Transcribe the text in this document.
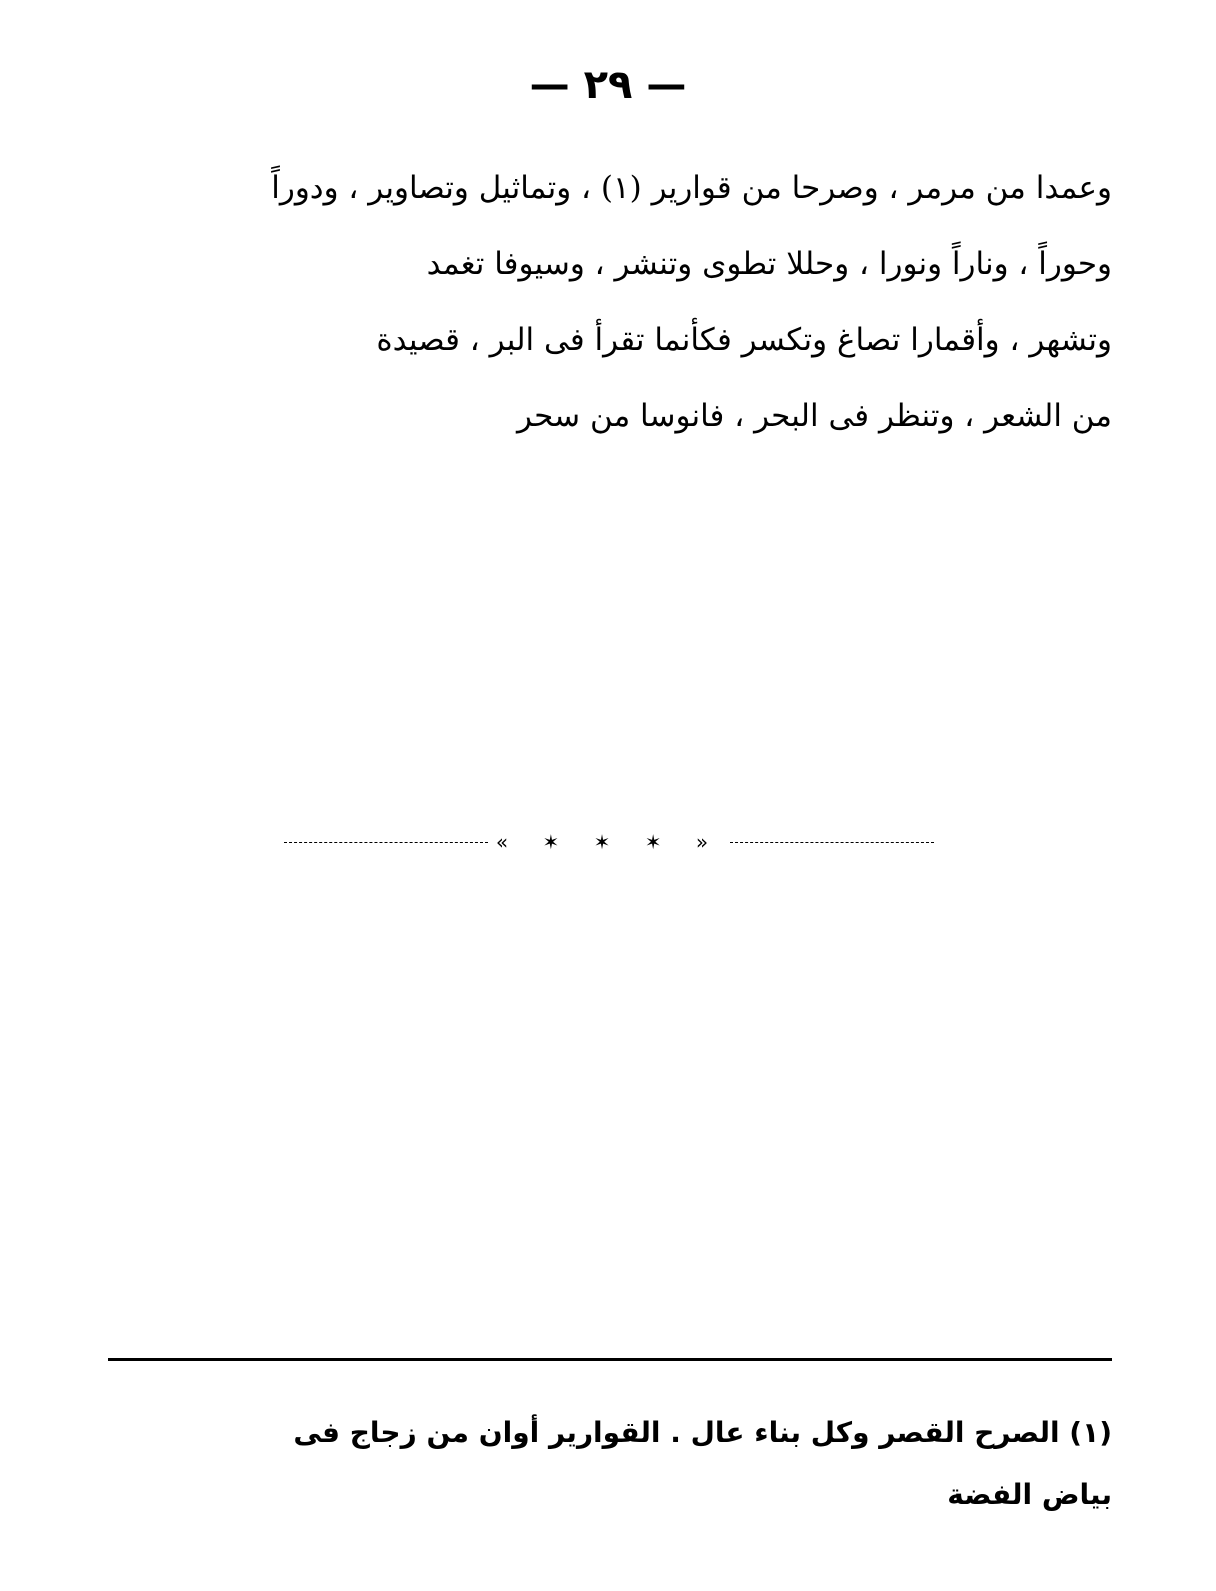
— ٢٩ —
وعمدا من مرمر ، وصرحا من قوارير (١) ، وتماثيل وتصاوير ، ودوراً
وحوراً ، وناراً ونورا ، وحللا تطوى وتنشر ، وسيوفا تغمد
وتشهر ، وأقمارا تصاغ وتكسر فكأنما تقرأ فى البر ، قصيدة
من الشعر ، وتنظر فى البحر ، فانوسا من سحر
« ✶ ✶ ✶ »
(١) الصرح القصر وكل بناء عال . القوارير أوان من زجاج فى
بياض الفضة
